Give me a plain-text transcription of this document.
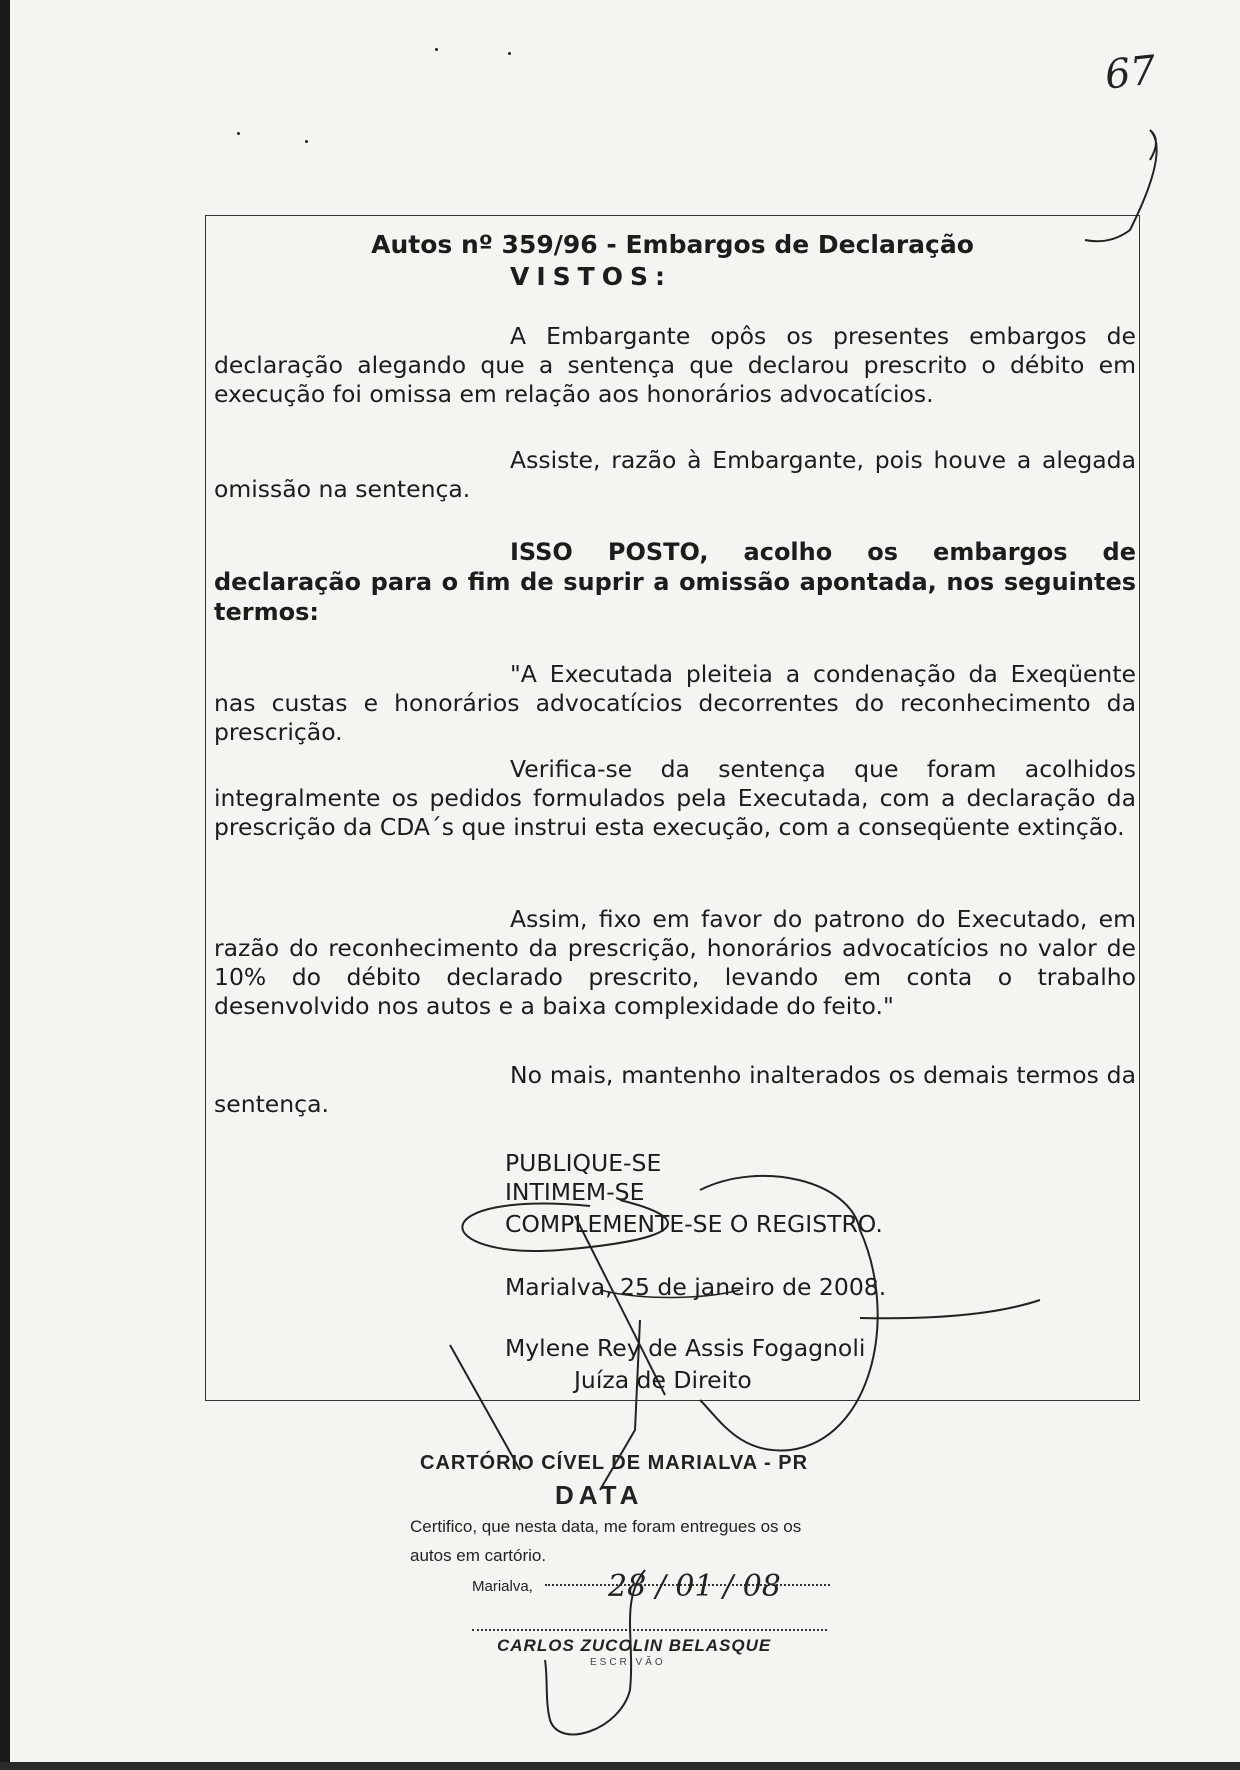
67
Autos nº 359/96 - Embargos de Declaração
VISTOS:

A Embargante opôs os presentes embargos de declaração alegando que a sentença que declarou prescrito o débito em execução foi omissa em relação aos honorários advocatícios.

Assiste, razão à Embargante, pois houve a alegada omissão na sentença.

ISSO POSTO, acolho os embargos de declaração para o fim de suprir a omissão apontada, nos seguintes termos:

"A Executada pleiteia a condenação da Exeqüente nas custas e honorários advocatícios decorrentes do reconhecimento da prescrição.

Verifica-se da sentença que foram acolhidos integralmente os pedidos formulados pela Executada, com a declaração da prescrição da CDA´s que instrui esta execução, com a conseqüente extinção.

Assim, fixo em favor do patrono do Executado, em razão do reconhecimento da prescrição, honorários advocatícios no valor de 10% do débito declarado prescrito, levando em conta o trabalho desenvolvido nos autos e a baixa complexidade do feito."

No mais, mantenho inalterados os demais termos da sentença.

PUBLIQUE-SE

INTIMEM-SE

COMPLEMENTE-SE O REGISTRO.

Marialva, 25 de janeiro de 2008.

Mylene Rey de Assis Fogagnoli

Juíza de Direito

CARTÓRIO CÍVEL DE MARIALVA - PR
DATA
Certifico, que nesta data, me foram entregues os os autos em cartório.
Marialva,
CARLOS ZUCOLIN BELASQUE
ESCRIVÃO
28 / 01 / 08
